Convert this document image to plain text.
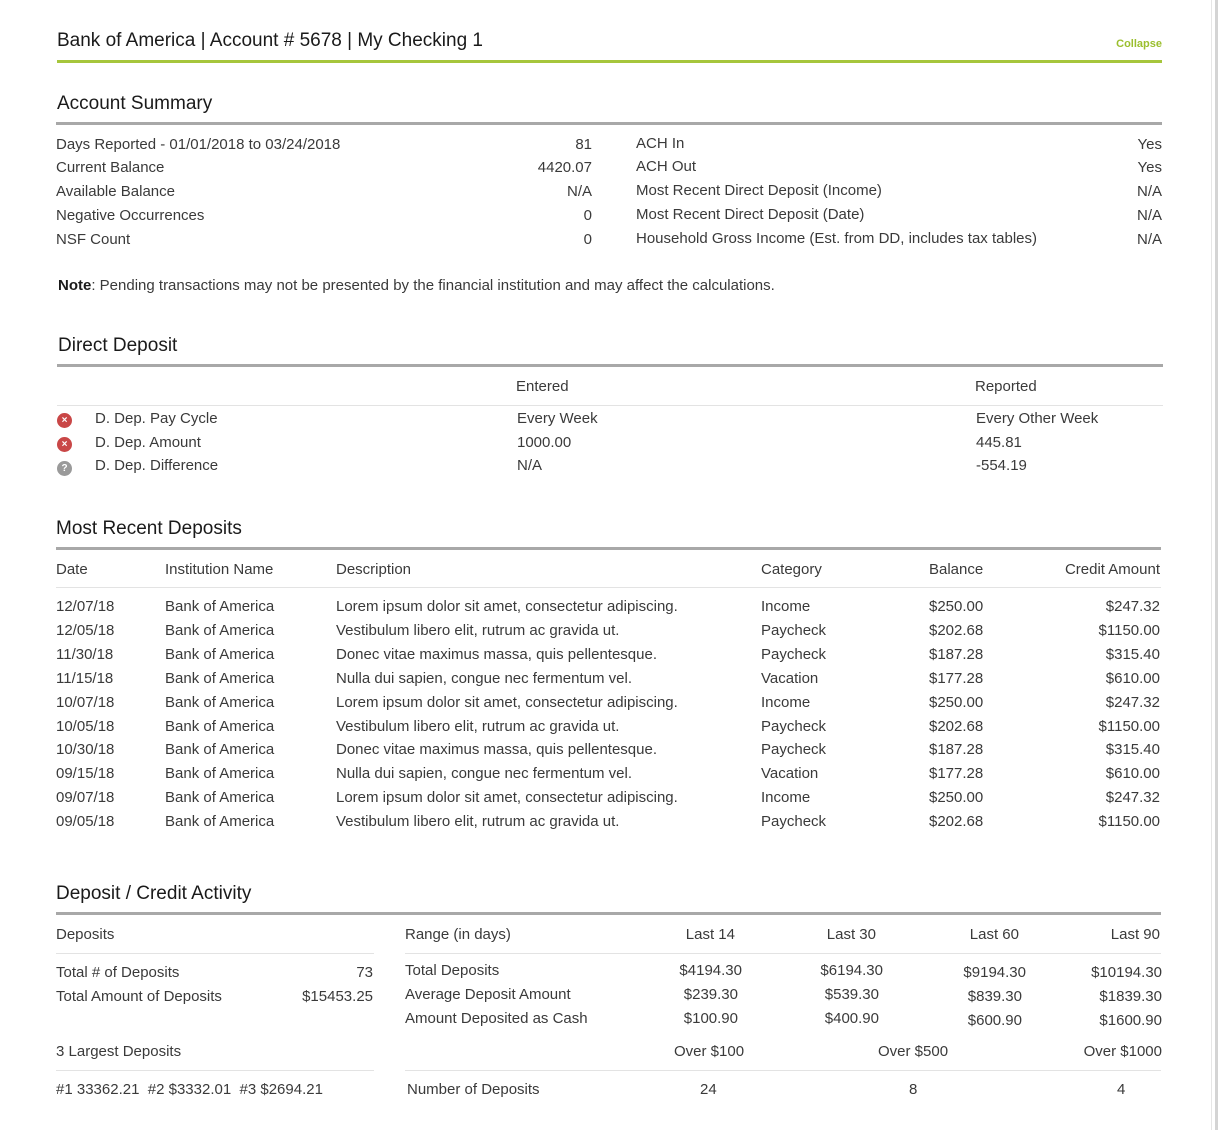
Bank of America | Account # 5678 | My Checking 1	Collapse
Account Summary
Days Reported - 01/01/2018 to 03/24/2018	81
Current Balance	4420.07
Available Balance	N/A
Negative Occurrences	0
NSF Count	0
ACH In	Yes
ACH Out	Yes
Most Recent Direct Deposit (Income)	N/A
Most Recent Direct Deposit (Date)	N/A
Household Gross Income (Est. from DD, includes tax tables)	N/A
Note: Pending transactions may not be presented by the financial institution and may affect the calculations.
Direct Deposit
Entered	Reported
×	D. Dep. Pay Cycle	Every Week	Every Other Week
×	D. Dep. Amount	1000.00	445.81
? D. Dep. Difference	N/A	-554.19
Most Recent Deposits
Date	Institution Name	Description	Category	Balance	Credit Amount
12/07/18	Bank of America	Lorem ipsum dolor sit amet, consectetur adipiscing.	Income	$250.00	$247.32
12/05/18	Bank of America	Vestibulum libero elit, rutrum ac gravida ut.	Paycheck	$202.68	$1150.00
11/30/18	Bank of America	Donec vitae maximus massa, quis pellentesque.	Paycheck	$187.28	$315.40
11/15/18	Bank of America	Nulla dui sapien, congue nec fermentum vel.	Vacation	$177.28	$610.00
10/07/18	Bank of America	Lorem ipsum dolor sit amet, consectetur adipiscing.	Income	$250.00	$247.32
10/05/18	Bank of America	Vestibulum libero elit, rutrum ac gravida ut.	Paycheck	$202.68	$1150.00
10/30/18	Bank of America	Donec vitae maximus massa, quis pellentesque.	Paycheck	$187.28	$315.40
09/15/18	Bank of America	Nulla dui sapien, congue nec fermentum vel.	Vacation	$177.28	$610.00
09/07/18	Bank of America	Lorem ipsum dolor sit amet, consectetur adipiscing.	Income	$250.00	$247.32
09/05/18	Bank of America	Vestibulum libero elit, rutrum ac gravida ut.	Paycheck	$202.68	$1150.00
Deposit / Credit Activity
Deposits
Total # of Deposits	73
Total Amount of Deposits	$15453.25
3 Largest Deposits
#1 33362.21  #2 $3332.01  #3 $2694.21
Range (in days)	Last 14	Last 30	Last 60	Last 90
Total Deposits	$4194.30	$6194.30	$9194.30	$10194.30
Average Deposit Amount	$239.30	$539.30	$839.30	$1839.30
Amount Deposited as Cash	$100.90	$400.90	$600.90	$1600.90
Over $100	Over $500	Over $1000
Number of Deposits	24	8	4
